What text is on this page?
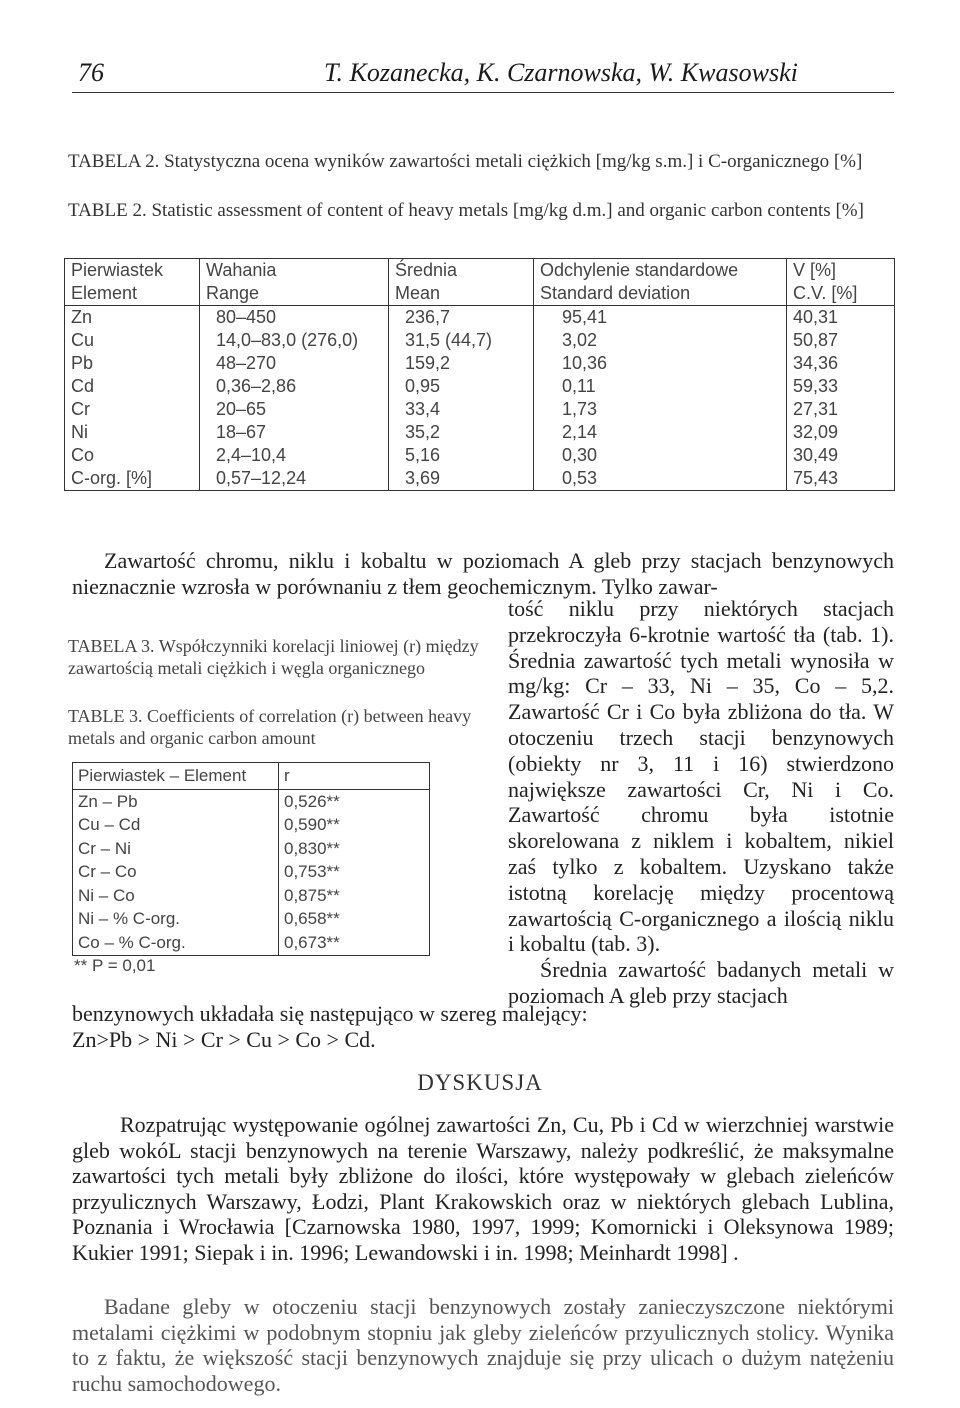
76	T. Kozanecka, K. Czarnowska, W. Kwasowski
TABELA 2. Statystyczna ocena wyników zawartości metali ciężkich [mg/kg s.m.] i C-organicznego [%]
TABLE 2. Statistic assessment of content of heavy metals [mg/kg d.m.] and organic carbon contents [%]
Pierwiastek	Wahania	Średnia	Odchylenie standardowe	V [%]
Element	Range	Mean	Standard deviation	C.V. [%]
Zn	80–450	236,7	95,41	40,31
Cu	14,0–83,0 (276,0)	31,5 (44,7)	3,02	50,87
Pb	48–270	159,2	10,36	34,36
Cd	0,36–2,86	0,95	0,11	59,33
Cr	20–65	33,4	1,73	27,31
Ni	18–67	35,2	2,14	32,09
Co	2,4–10,4	5,16	0,30	30,49
C-org. [%]	0,57–12,24	3,69	0,53	75,43
Zawartość chromu, niklu i kobaltu w poziomach A gleb przy stacjach benzynowych nieznacznie wzrosła w porównaniu z tłem geochemicznym. Tylko zawar-
TABELA 3. Współczynniki korelacji liniowej (r) między zawartością metali ciężkich i węgla organicznego
TABLE 3. Coefficients of correlation (r) between heavy metals and organic carbon amount
Pierwiastek – Element	r
Zn – Pb	0,526**
Cu – Cd	0,590**
Cr – Ni	0,830**
Cr – Co	0,753**
Ni – Co	0,875**
Ni – % C-org.	0,658**
Co – % C-org.	0,673**
** P = 0,01
tość niklu przy niektórych stacjach przekroczyła 6-krotnie wartość tła (tab. 1). Średnia zawartość tych metali wynosiła w mg/kg: Cr – 33, Ni – 35, Co – 5,2. Zawartość Cr i Co była zbliżona do tła. W otoczeniu trzech stacji benzynowych (obiekty nr 3, 11 i 16) stwierdzono największe zawartości Cr, Ni i Co. Zawartość chromu była istotnie skorelowana z niklem i kobaltem, nikiel zaś tylko z kobaltem. Uzyskano także istotną korelację między procentową zawartością C-organicznego a ilością niklu i kobaltu (tab. 3).
Średnia zawartość badanych metali w poziomach A gleb przy stacjach
benzynowych układała się następująco w szereg malejący:
Zn>Pb > Ni > Cr > Cu > Co > Cd.
DYSKUSJA
Rozpatrując występowanie ogólnej zawartości Zn, Cu, Pb i Cd w wierzchniej warstwie gleb wokóL stacji benzynowych na terenie Warszawy, należy podkreślić, że maksymalne zawartości tych metali były zbliżone do ilości, które występowały w glebach zieleńców przyulicznych Warszawy, Łodzi, Plant Krakowskich oraz w niektórych glebach Lublina, Poznania i Wrocławia [Czarnowska 1980, 1997, 1999; Komornicki i Oleksynowa 1989; Kukier 1991; Siepak i in. 1996; Lewandowski i in. 1998; Meinhardt 1998] .
Badane gleby w otoczeniu stacji benzynowych zostały zanieczyszczone niektórymi metalami ciężkimi w podobnym stopniu jak gleby zieleńców przyulicznych stolicy. Wynika to z faktu, że większość stacji benzynowych znajduje się przy ulicach o dużym natężeniu ruchu samochodowego.
